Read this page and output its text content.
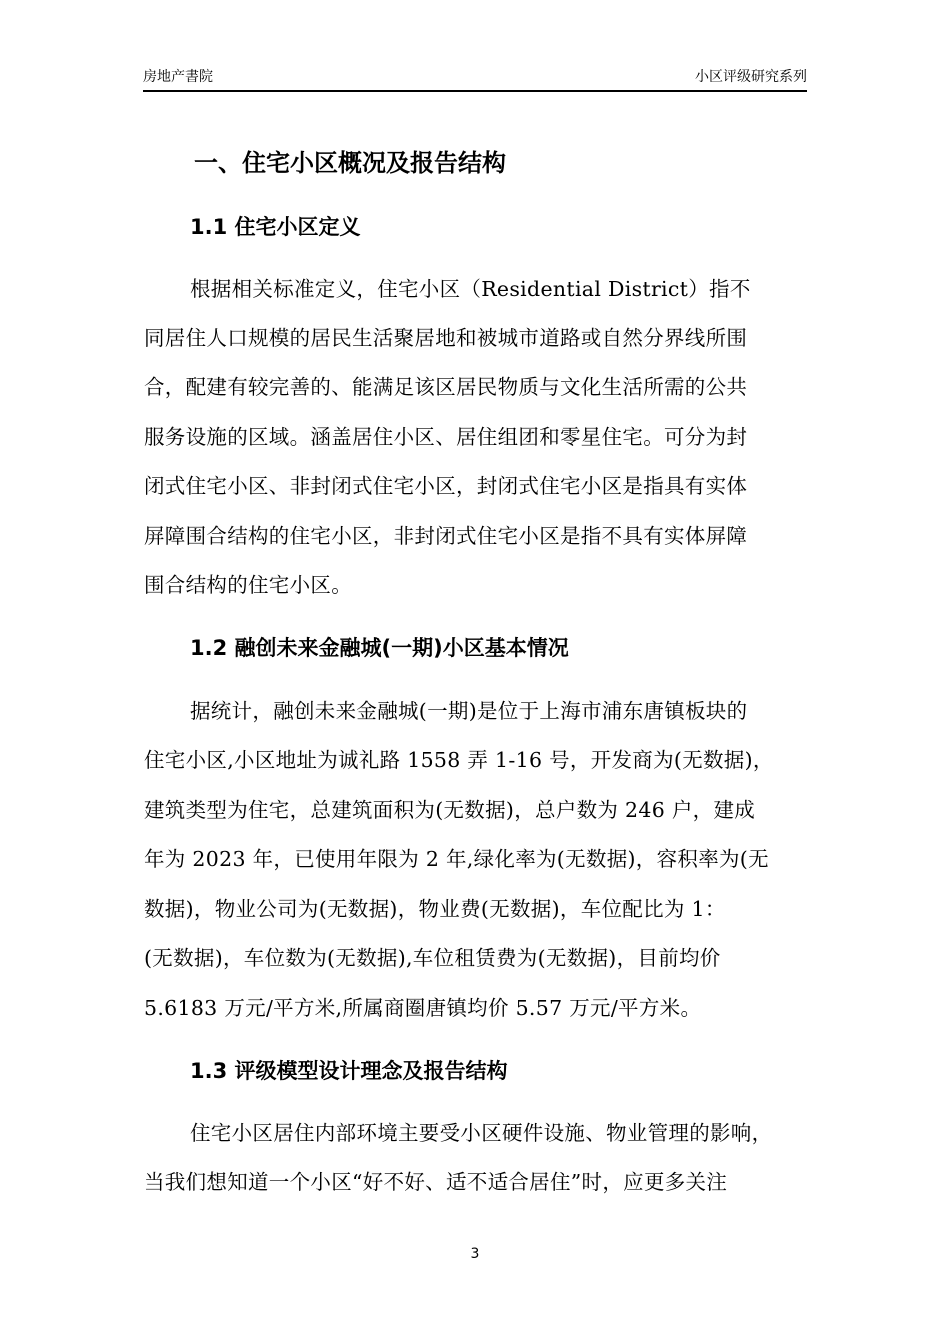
房地产書院	小区评级研究系列
一、住宅小区概况及报告结构
1.1 住宅小区定义
根据相关标准定义，住宅小区（Residential District）指不
同居住人口规模的居民生活聚居地和被城市道路或自然分界线所围
合，配建有较完善的、能满足该区居民物质与文化生活所需的公共
服务设施的区域。涵盖居住小区、居住组团和零星住宅。可分为封
闭式住宅小区、非封闭式住宅小区，封闭式住宅小区是指具有实体
屏障围合结构的住宅小区，非封闭式住宅小区是指不具有实体屏障
围合结构的住宅小区。
1.2 融创未来金融城(一期)小区基本情况
据统计，融创未来金融城(一期)是位于上海市浦东唐镇板块的
住宅小区,小区地址为诚礼路 1558 弄 1-16 号，开发商为(无数据)，
建筑类型为住宅，总建筑面积为(无数据)，总户数为 246 户，建成
年为 2023 年，已使用年限为 2 年,绿化率为(无数据)，容积率为(无
数据)，物业公司为(无数据)，物业费(无数据)，车位配比为 1：
(无数据)，车位数为(无数据),车位租赁费为(无数据)，目前均价
5.6183 万元/平方米,所属商圈唐镇均价 5.57 万元/平方米。
1.3 评级模型设计理念及报告结构
住宅小区居住内部环境主要受小区硬件设施、物业管理的影响，
当我们想知道一个小区“好不好、适不适合居住”时，应更多关注
3
